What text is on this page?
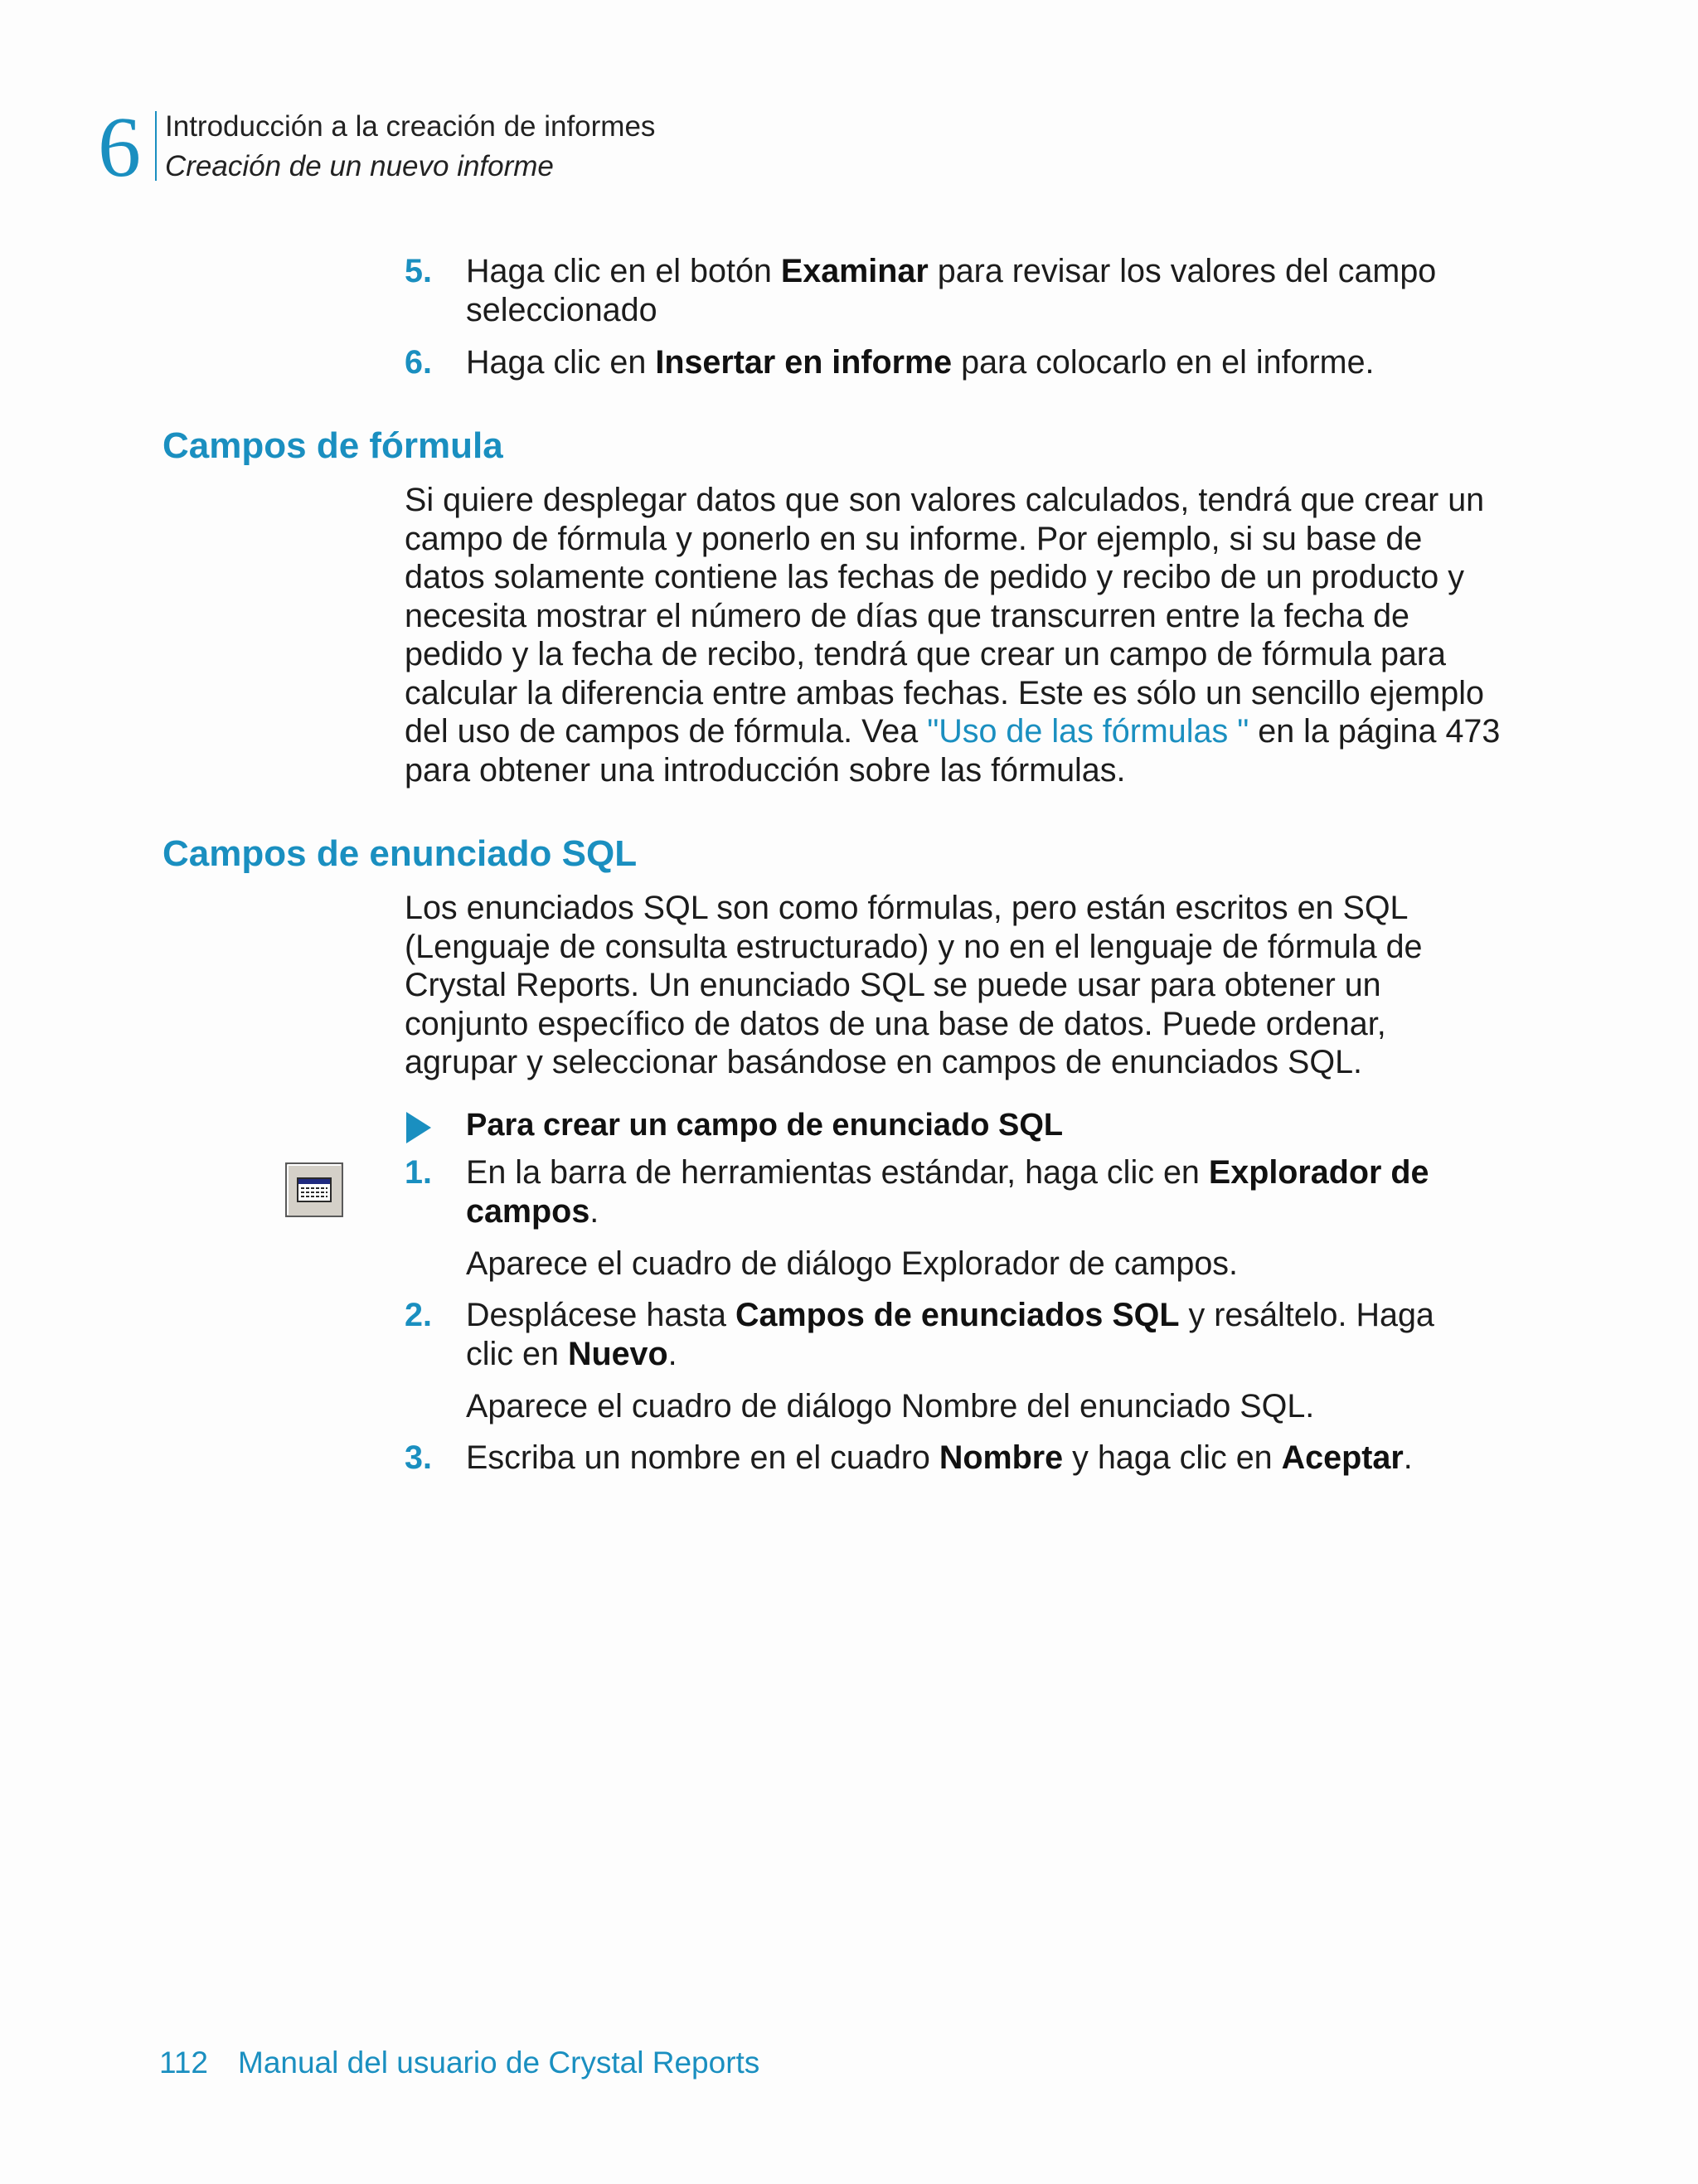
6 Introducción a la creación de informes
Creación de un nuevo informe
5. Haga clic en el botón Examinar para revisar los valores del campo seleccionado
6. Haga clic en Insertar en informe para colocarlo en el informe.
Campos de fórmula
Si quiere desplegar datos que son valores calculados, tendrá que crear un campo de fórmula y ponerlo en su informe. Por ejemplo, si su base de datos solamente contiene las fechas de pedido y recibo de un producto y necesita mostrar el número de días que transcurren entre la fecha de pedido y la fecha de recibo, tendrá que crear un campo de fórmula para calcular la diferencia entre ambas fechas. Este es sólo un sencillo ejemplo del uso de campos de fórmula. Vea "Uso de las fórmulas " en la página 473 para obtener una introducción sobre las fórmulas.
Campos de enunciado SQL
Los enunciados SQL son como fórmulas, pero están escritos en SQL (Lenguaje de consulta estructurado) y no en el lenguaje de fórmula de Crystal Reports. Un enunciado SQL se puede usar para obtener un conjunto específico de datos de una base de datos. Puede ordenar, agrupar y seleccionar basándose en campos de enunciados SQL.
Para crear un campo de enunciado SQL
1. En la barra de herramientas estándar, haga clic en Explorador de campos.
Aparece el cuadro de diálogo Explorador de campos.
2. Desplácese hasta Campos de enunciados SQL y resáltelo. Haga clic en Nuevo.
Aparece el cuadro de diálogo Nombre del enunciado SQL.
3. Escriba un nombre en el cuadro Nombre y haga clic en Aceptar.
112 Manual del usuario de Crystal Reports
